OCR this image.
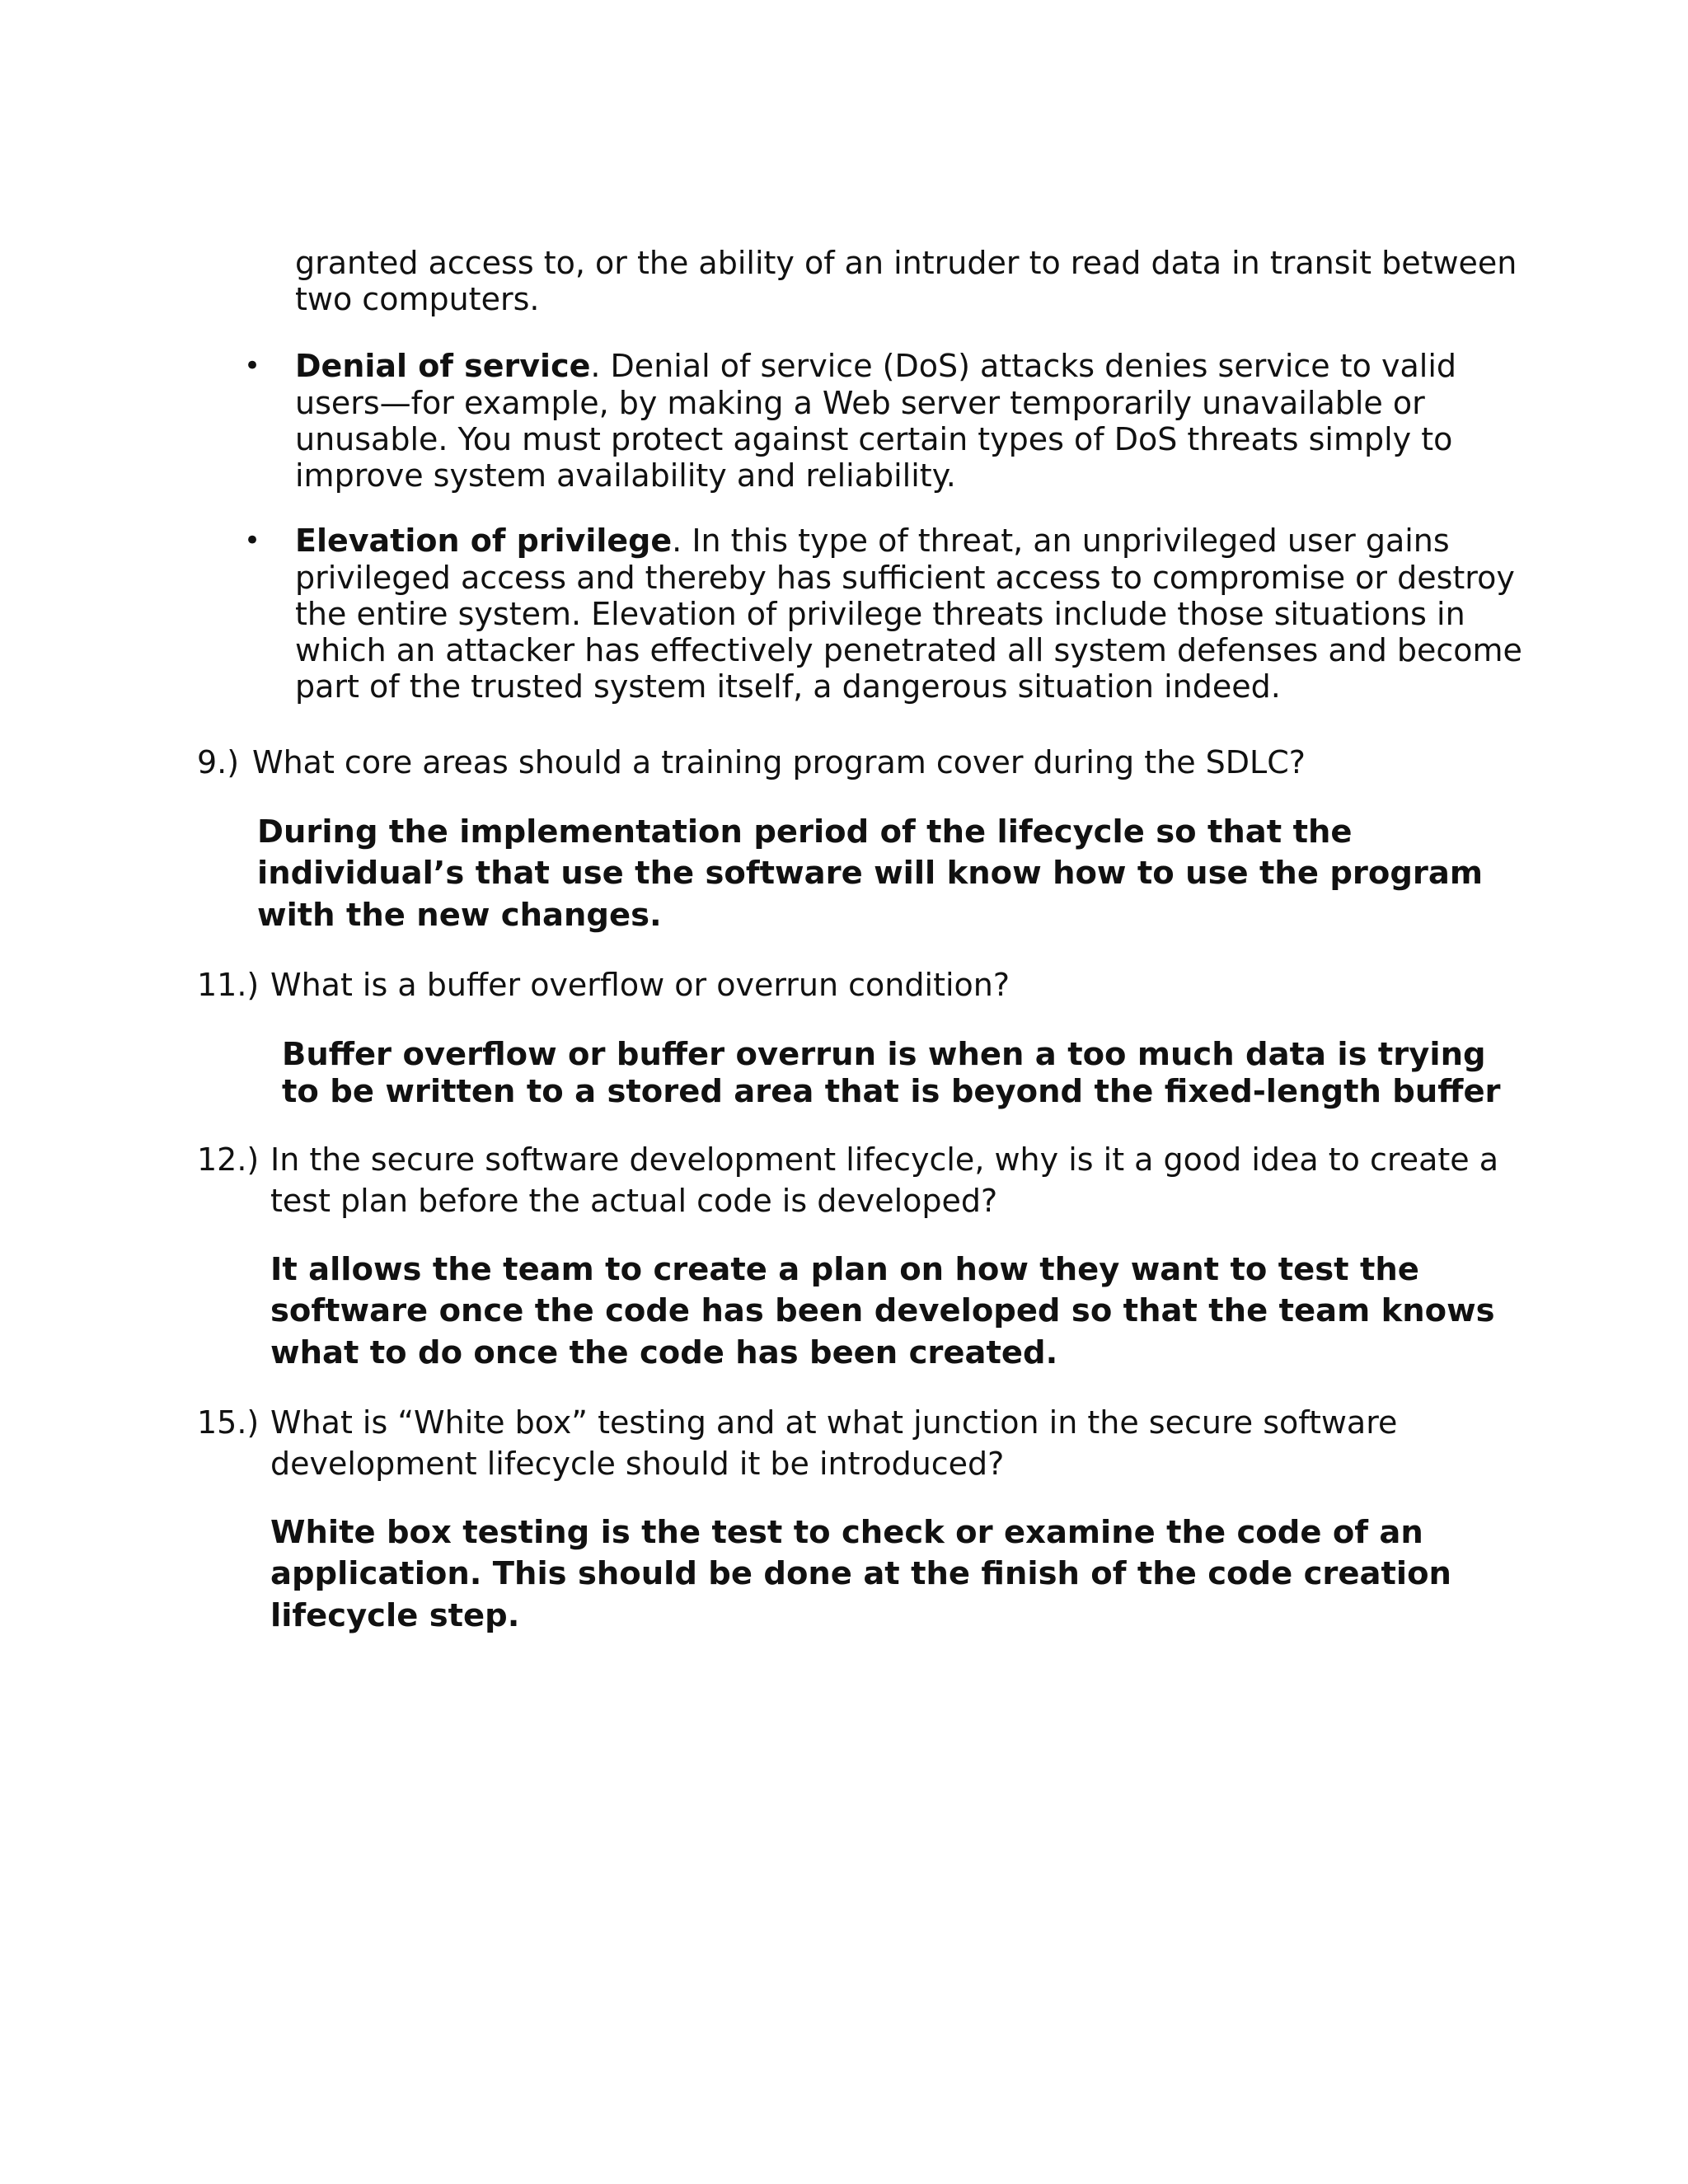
granted access to, or the ability of an intruder to read data in transit between
two computers.
• Denial of service. Denial of service (DoS) attacks denies service to valid
users—for example, by making a Web server temporarily unavailable or
unusable. You must protect against certain types of DoS threats simply to
improve system availability and reliability.
• Elevation of privilege. In this type of threat, an unprivileged user gains
privileged access and thereby has sufficient access to compromise or destroy
the entire system. Elevation of privilege threats include those situations in
which an attacker has effectively penetrated all system defenses and become
part of the trusted system itself, a dangerous situation indeed.
9.) What core areas should a training program cover during the SDLC?
During the implementation period of the lifecycle so that the
individual’s that use the software will know how to use the program
with the new changes.
11.) What is a buffer overflow or overrun condition?
Buffer overflow or buffer overrun is when a too much data is trying
to be written to a stored area that is beyond the fixed-length buffer
12.) In the secure software development lifecycle, why is it a good idea to create a
test plan before the actual code is developed?
It allows the team to create a plan on how they want to test the
software once the code has been developed so that the team knows
what to do once the code has been created.
15.) What is “White box” testing and at what junction in the secure software
development lifecycle should it be introduced?
White box testing is the test to check or examine the code of an
application. This should be done at the finish of the code creation
lifecycle step.
